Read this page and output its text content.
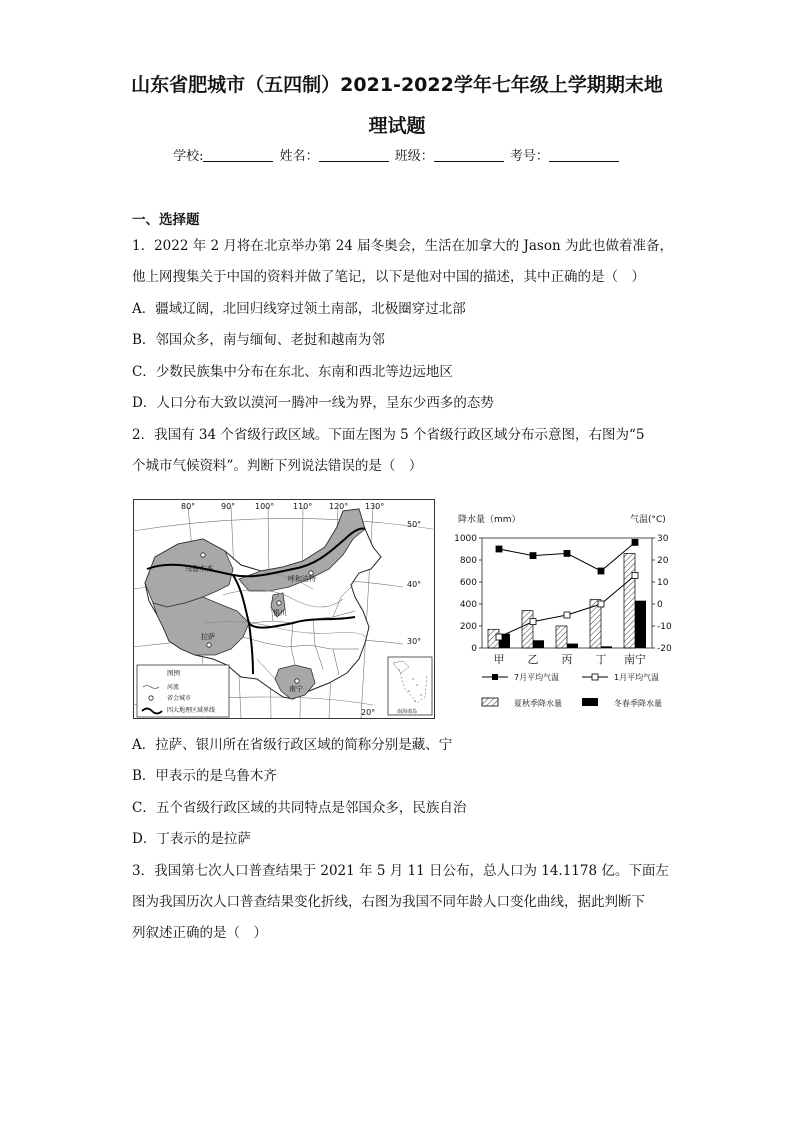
山东省肥城市（五四制）2021-2022学年七年级上学期期末地
理试题
学校:	姓名：	班级：	考号：
一、选择题
1．2022 年 2 月将在北京举办第 24 届冬奥会，生活在加拿大的 Jason 为此也做着准备，
他上网搜集关于中国的资料并做了笔记，以下是他对中国的描述，其中正确的是（　）
A．疆域辽阔，北回归线穿过领土南部，北极圈穿过北部
B．邻国众多，南与缅甸、老挝和越南为邻
C．少数民族集中分布在东北、东南和西北等边远地区
D．人口分布大致以漠河一腾冲一线为界，呈东少西多的态势
2．我国有 34 个省级行政区域。下面左图为 5 个省级行政区域分布示意图，右图为“5
个城市气候资料”。判断下列说法错误的是（　）
乌鲁木齐
呼和浩特
银川
拉萨
南宁
80°	90° 100° 110° 120° 130°
50°
40°
30°
20°
图例
河流
省会城市
四大地理区域界线	南海诸岛
降水量（mm）	气温(°C)
0
200
400
600
800
1000
-20
-10
0
10
20
30
甲 乙 丙 丁 南宁
7月平均气温	1月平均气温
夏秋季降水量	冬春季降水量
A．拉萨、银川所在省级行政区域的简称分别是藏、宁
B．甲表示的是乌鲁木齐
C．五个省级行政区域的共同特点是邻国众多，民族自治
D．丁表示的是拉萨
3．我国第七次人口普查结果于 2021 年 5 月 11 日公布，总人口为 14.1178 亿。下面左
图为我国历次人口普查结果变化折线，右图为我国不同年龄人口变化曲线，据此判断下
列叙述正确的是（　）
